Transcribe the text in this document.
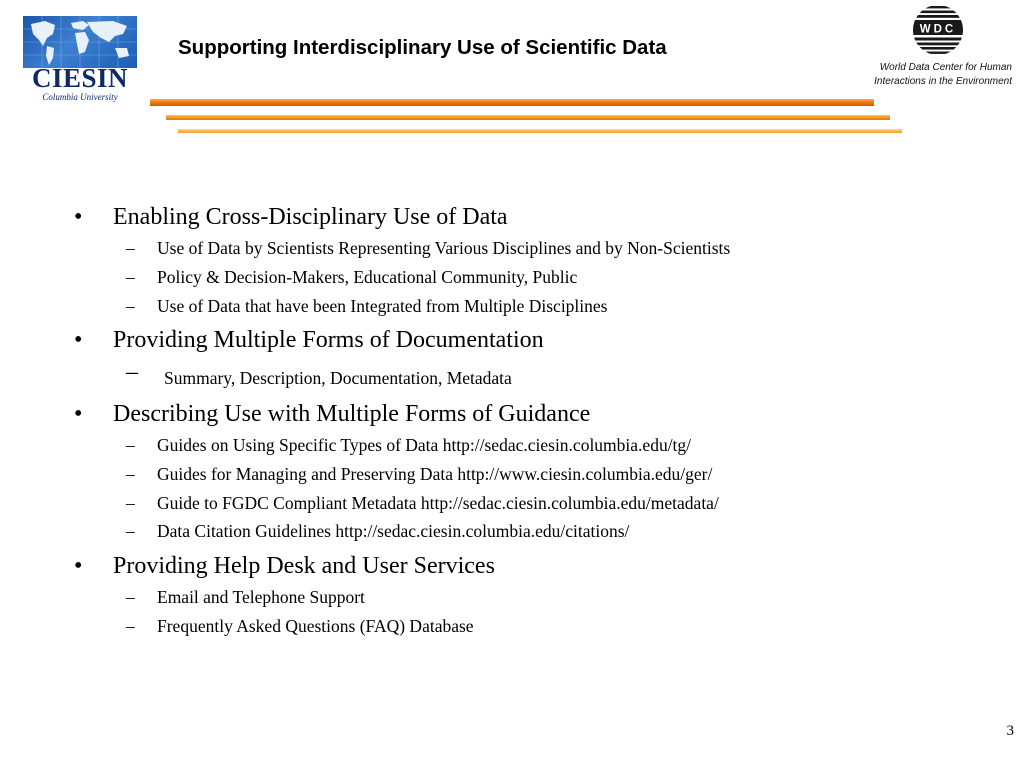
CIESIN
Columbia University
Supporting Interdisciplinary Use of Scientific Data
WDC
World Data Center for Human
Interactions in the Environment
• Enabling Cross-Disciplinary Use of Data
– Use of Data by Scientists Representing Various Disciplines and by Non-Scientists
– Policy & Decision-Makers, Educational Community, Public
– Use of Data that have been Integrated from Multiple Disciplines
• Providing Multiple Forms of Documentation
– Summary, Description, Documentation, Metadata
• Describing Use with Multiple Forms of Guidance
– Guides on Using Specific Types of Data http://sedac.ciesin.columbia.edu/tg/
– Guides for Managing and Preserving Data http://www.ciesin.columbia.edu/ger/
– Guide to FGDC Compliant Metadata http://sedac.ciesin.columbia.edu/metadata/
– Data Citation Guidelines http://sedac.ciesin.columbia.edu/citations/
• Providing Help Desk and User Services
– Email and Telephone Support
– Frequently Asked Questions (FAQ) Database
3
